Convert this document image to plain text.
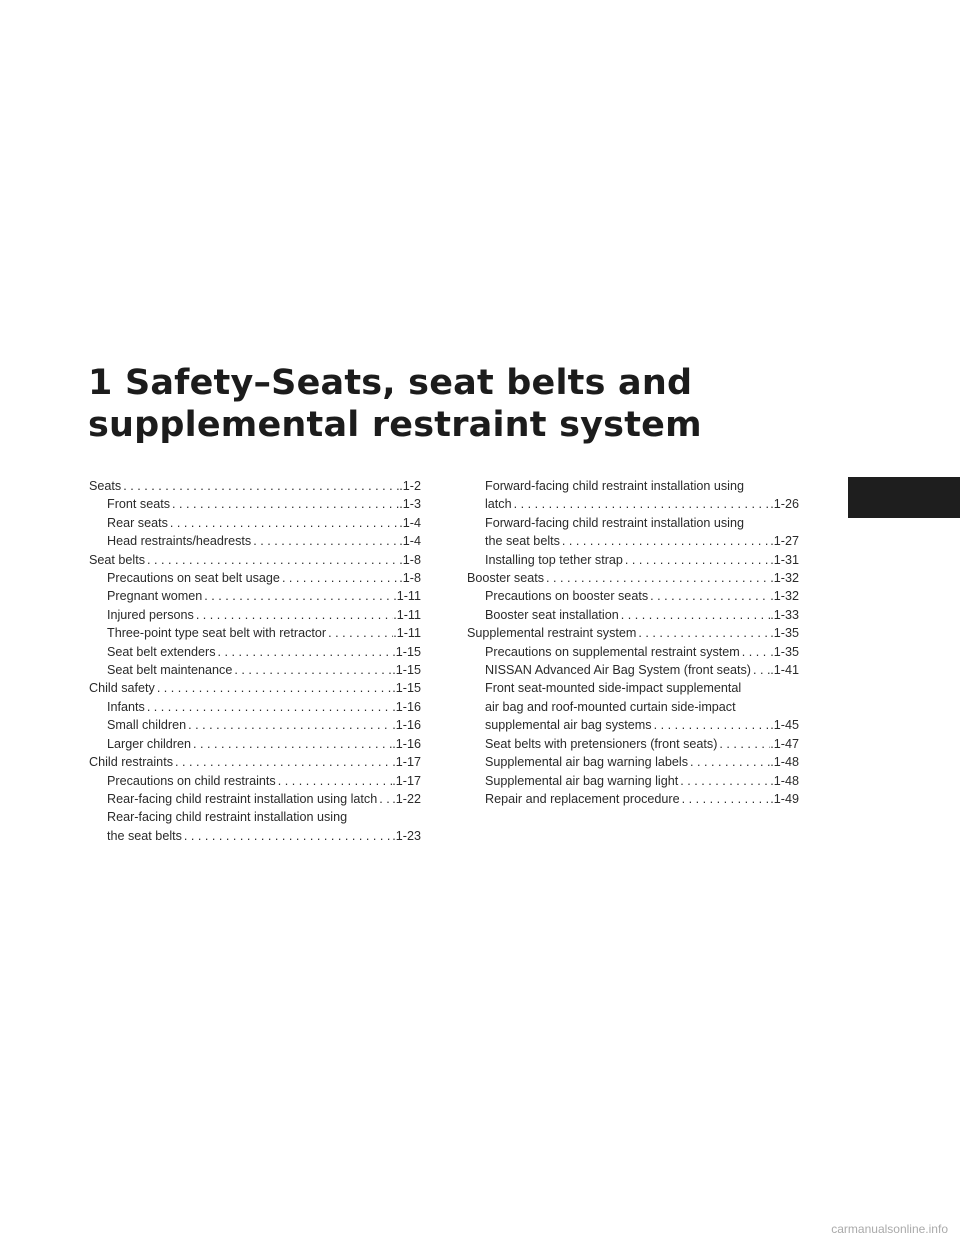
1 Safety–Seats, seat belts and
supplemental restraint system
Seats . . .	.1-2
Front seats . . .	.1-3
Rear seats . . .	.1-4
Head restraints/headrests . . .	.1-4
Seat belts . . .	.1-8
Precautions on seat belt usage . . .	.1-8
Pregnant women . . .	.1-11
Injured persons . . .	.1-11
Three-point type seat belt with retractor . . .	.1-11
Seat belt extenders . . .	.1-15
Seat belt maintenance . . .	.1-15
Child safety . . .	.1-15
Infants . . .	.1-16
Small children . . .	.1-16
Larger children . . .	.1-16
Child restraints . . .	.1-17
Precautions on child restraints . . .	.1-17
Rear-facing child restraint installation using latch . . . .1-22
Rear-facing child restraint installation using
the seat belts . . .	.1-23
Forward-facing child restraint installation using
latch . . .	.1-26
Forward-facing child restraint installation using
the seat belts . . .	.1-27
Installing top tether strap . . .	.1-31
Booster seats . . .	.1-32
Precautions on booster seats . . .	.1-32
Booster seat installation . . .	.1-33
Supplemental restraint system . . .	.1-35
Precautions on supplemental restraint system . . . .1-35
NISSAN Advanced Air Bag System (front seats) . . . .1-41
Front seat-mounted side-impact supplemental
air bag and roof-mounted curtain side-impact
supplemental air bag systems . . .	.1-45
Seat belts with pretensioners (front seats) . . .	.1-47
Supplemental air bag warning labels . . .	.1-48
Supplemental air bag warning light . . .	.1-48
Repair and replacement procedure . . .	.1-49
carmanualsonline.info
